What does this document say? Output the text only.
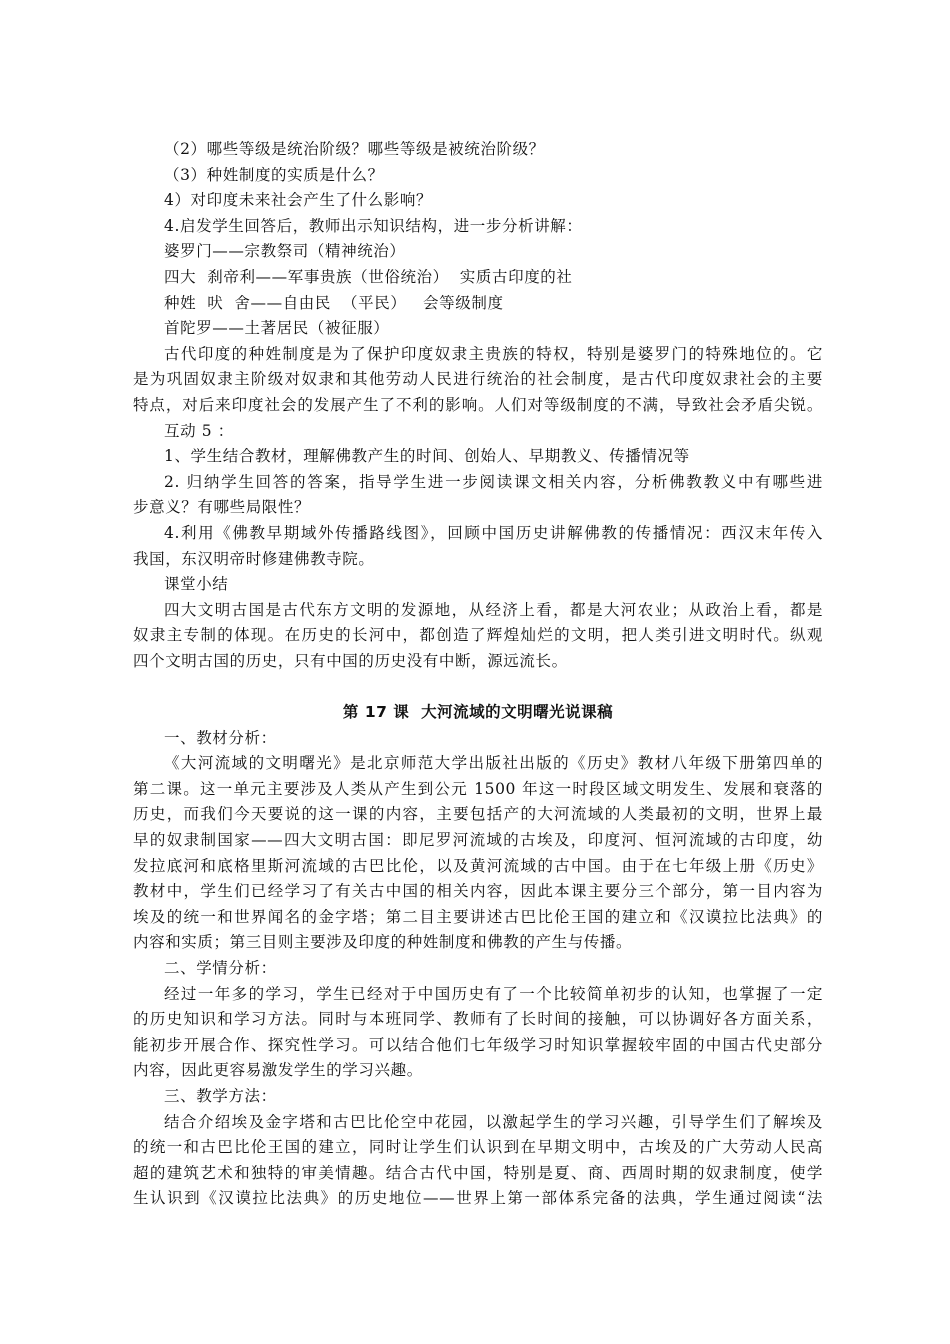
（2）哪些等级是统治阶级？哪些等级是被统治阶级？
（3）种姓制度的实质是什么？
4）对印度未来社会产生了什么影响？
4.启发学生回答后，教师出示知识结构，进一步分析讲解：
婆罗门——宗教祭司（精神统治）
四大  刹帝利——军事贵族（世俗统治）  实质古印度的社
种姓  吠  舍——自由民  （平民）   会等级制度
首陀罗——土著居民（被征服）
古代印度的种姓制度是为了保护印度奴隶主贵族的特权，特别是婆罗门的特殊地位的。它
是为巩固奴隶主阶级对奴隶和其他劳动人民进行统治的社会制度，是古代印度奴隶社会的主要
特点，对后来印度社会的发展产生了不利的影响。人们对等级制度的不满，导致社会矛盾尖锐。
互动 5 ：
1、学生结合教材，理解佛教产生的时间、创始人、早期教义、传播情况等
2. 归纳学生回答的答案，指导学生进一步阅读课文相关内容，分析佛教教义中有哪些进
步意义？有哪些局限性？
4.利用《佛教早期域外传播路线图》，回顾中国历史讲解佛教的传播情况：西汉末年传入
我国，东汉明帝时修建佛教寺院。
课堂小结
四大文明古国是古代东方文明的发源地，从经济上看，都是大河农业；从政治上看，都是
奴隶主专制的体现。在历史的长河中，都创造了辉煌灿烂的文明，把人类引进文明时代。纵观
四个文明古国的历史，只有中国的历史没有中断，源远流长。
第 17 课  大河流域的文明曙光说课稿
一、教材分析：
《大河流域的文明曙光》是北京师范大学出版社出版的《历史》教材八年级下册第四单的
第二课。这一单元主要涉及人类从产生到公元 1500 年这一时段区域文明发生、发展和衰落的
历史，而我们今天要说的这一课的内容，主要包括产的大河流域的人类最初的文明，世界上最
早的奴隶制国家——四大文明古国：即尼罗河流域的古埃及，印度河、恒河流域的古印度，幼
发拉底河和底格里斯河流域的古巴比伦，以及黄河流域的古中国。由于在七年级上册《历史》
教材中，学生们已经学习了有关古中国的相关内容，因此本课主要分三个部分，第一目内容为
埃及的统一和世界闻名的金字塔；第二目主要讲述古巴比伦王国的建立和《汉谟拉比法典》的
内容和实质；第三目则主要涉及印度的种姓制度和佛教的产生与传播。
二、学情分析：
经过一年多的学习，学生已经对于中国历史有了一个比较简单初步的认知，也掌握了一定
的历史知识和学习方法。同时与本班同学、教师有了长时间的接触，可以协调好各方面关系，
能初步开展合作、探究性学习。可以结合他们七年级学习时知识掌握较牢固的中国古代史部分
内容，因此更容易激发学生的学习兴趣。
三、教学方法：
结合介绍埃及金字塔和古巴比伦空中花园，以激起学生的学习兴趣，引导学生们了解埃及
的统一和古巴比伦王国的建立，同时让学生们认识到在早期文明中，古埃及的广大劳动人民高
超的建筑艺术和独特的审美情趣。结合古代中国，特别是夏、商、西周时期的奴隶制度，使学
生认识到《汉谟拉比法典》的历史地位——世界上第一部体系完备的法典，学生通过阅读“法
